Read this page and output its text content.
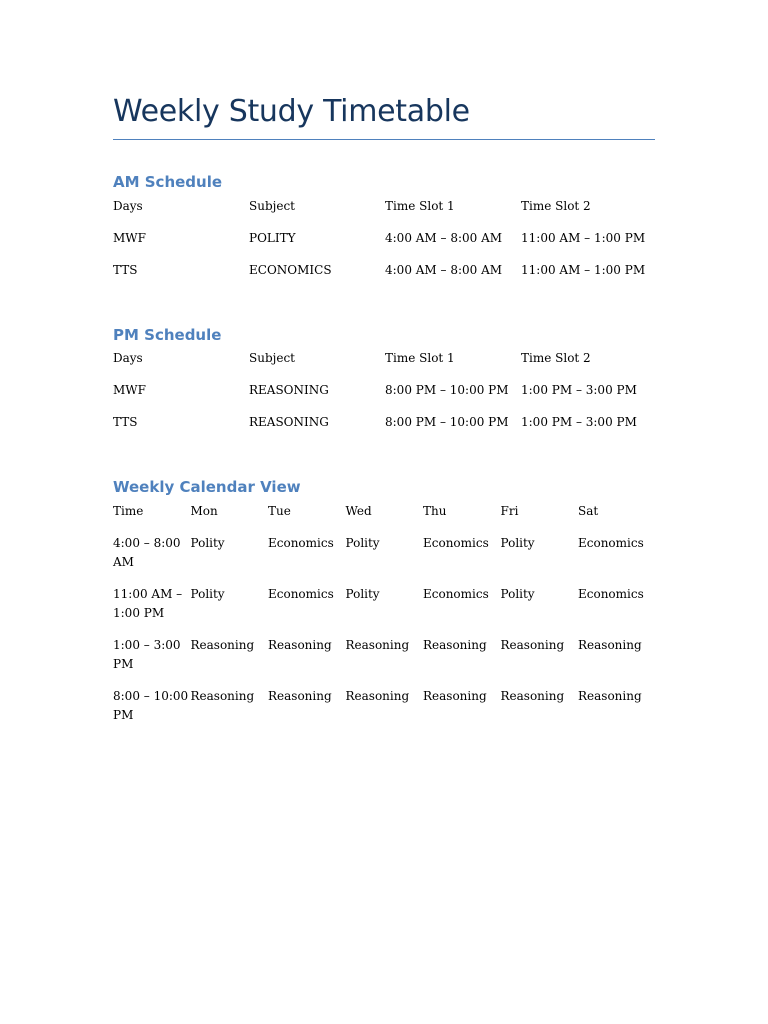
Weekly Study Timetable
AM Schedule
Days	Subject	Time Slot 1	Time Slot 2
MWF	POLITY	4:00 AM – 8:00 AM	11:00 AM – 1:00 PM
TTS	ECONOMICS	4:00 AM – 8:00 AM	11:00 AM – 1:00 PM
PM Schedule
Days	Subject	Time Slot 1	Time Slot 2
MWF	REASONING	8:00 PM – 10:00 PM	1:00 PM – 3:00 PM
TTS	REASONING	8:00 PM – 10:00 PM	1:00 PM – 3:00 PM
Weekly Calendar View
Time	Mon	Tue	Wed	Thu	Fri	Sat
4:00 – 8:00 AM	Polity	Economics	Polity	Economics	Polity	Economics
11:00 AM – 1:00 PM	Polity	Economics	Polity	Economics	Polity	Economics
1:00 – 3:00 PM	Reasoning	Reasoning	Reasoning	Reasoning	Reasoning	Reasoning
8:00 – 10:00 PM	Reasoning	Reasoning	Reasoning	Reasoning	Reasoning	Reasoning
